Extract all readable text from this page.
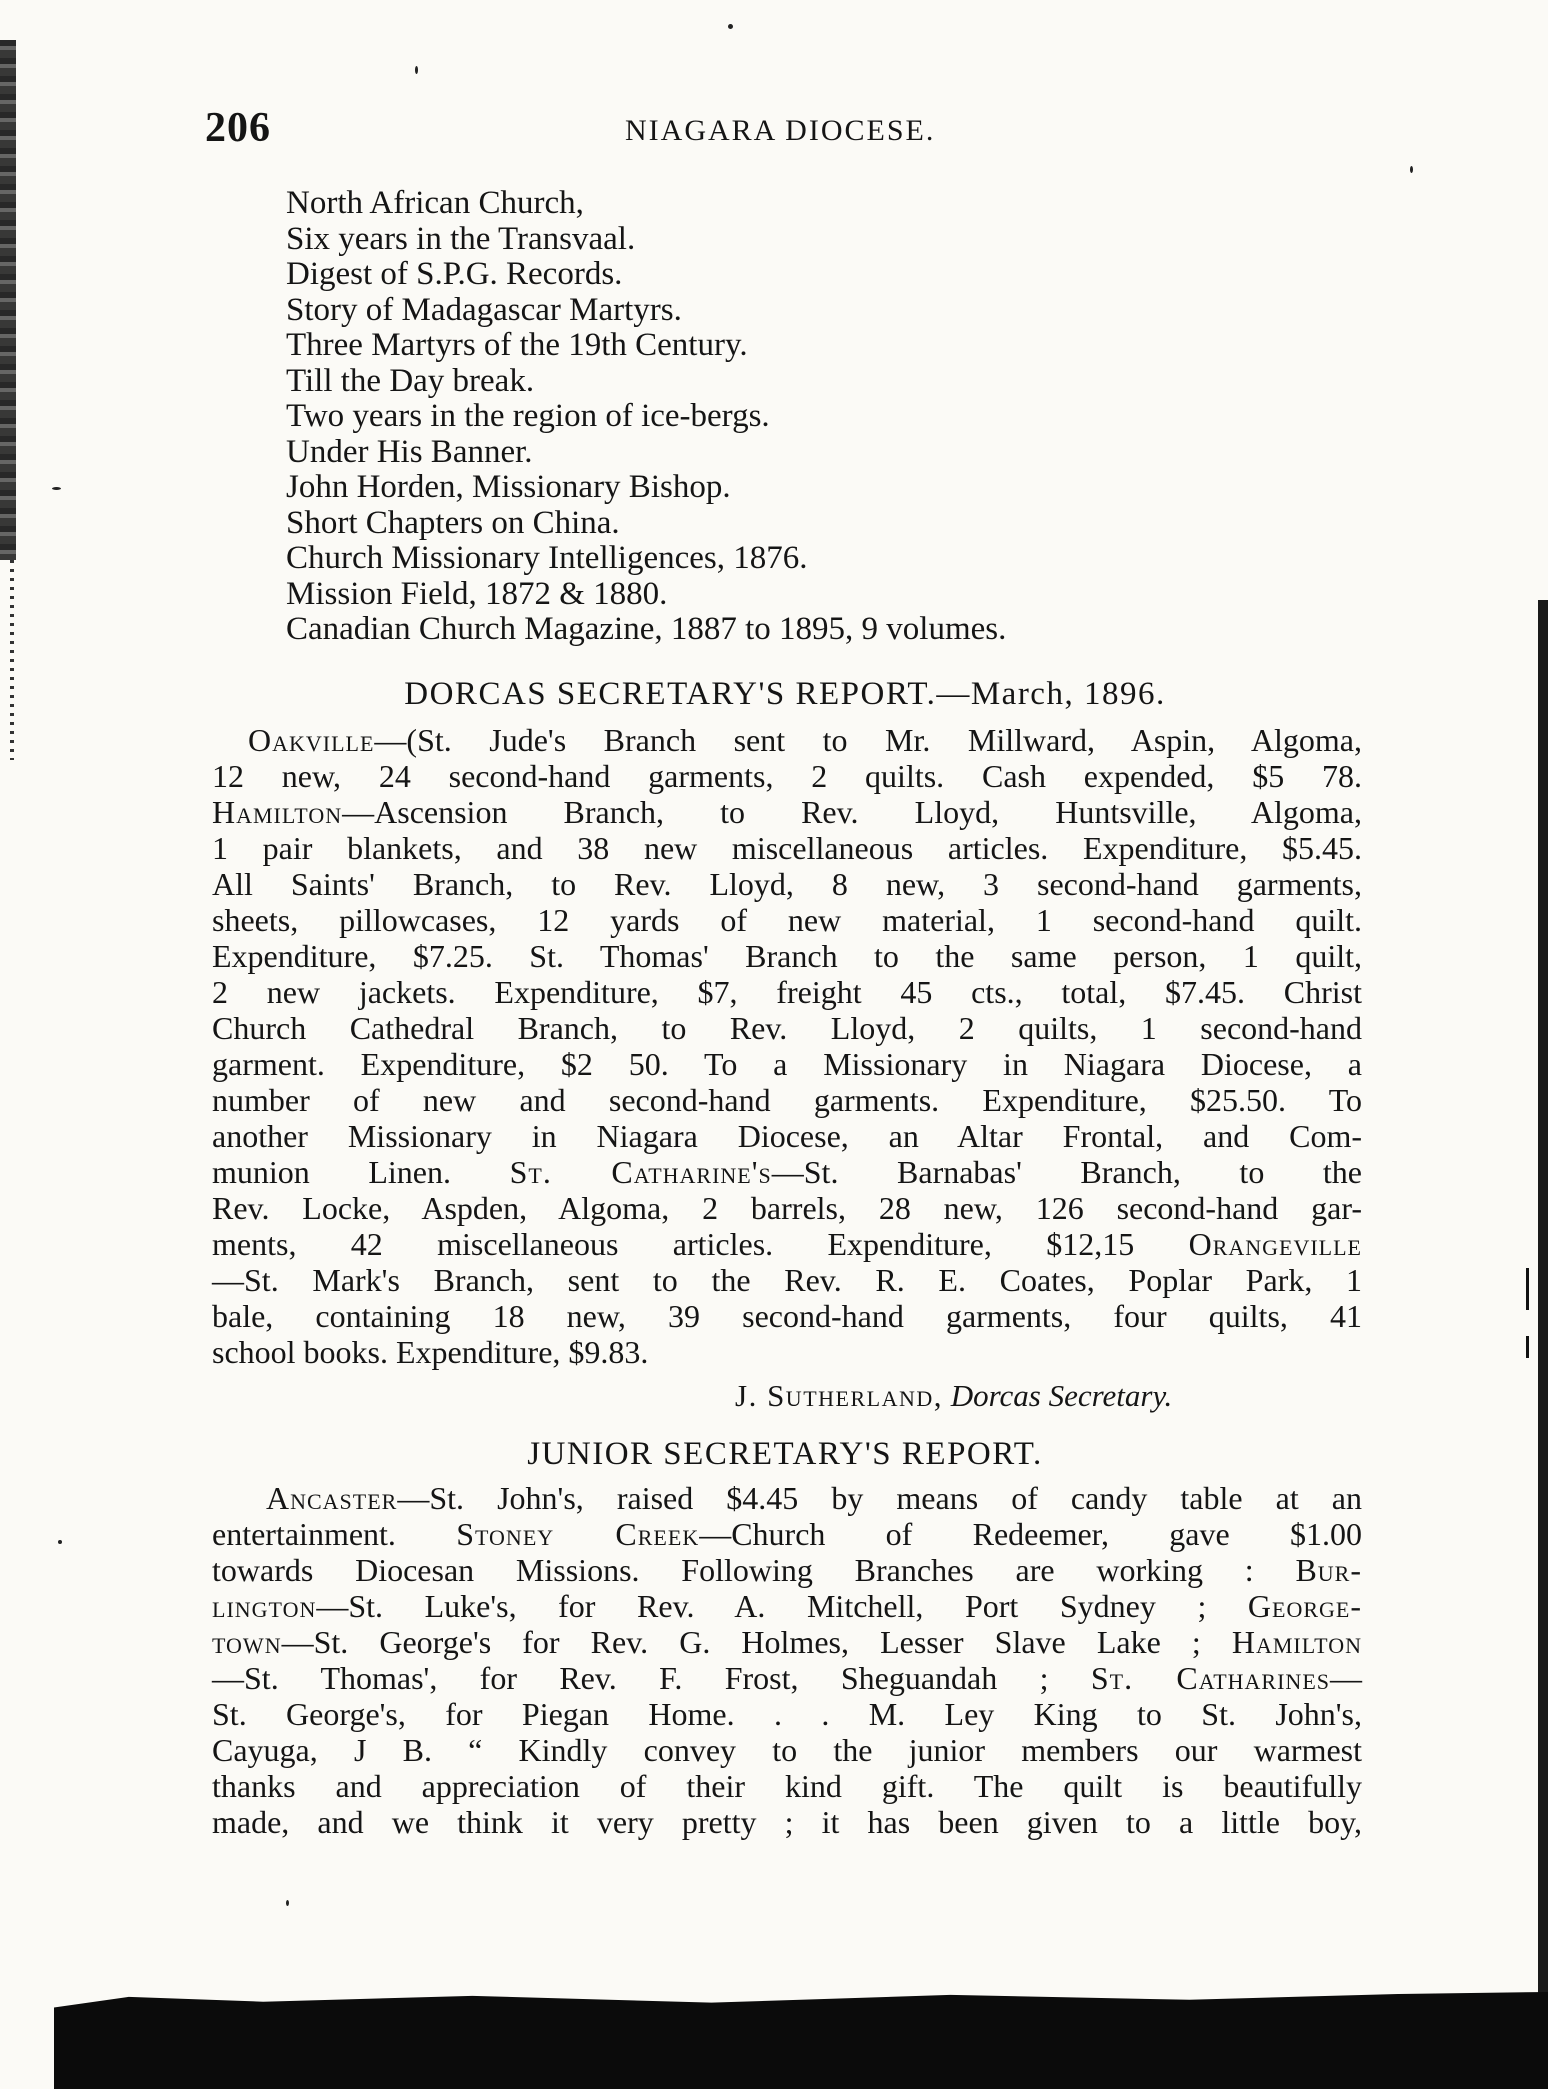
206	NIAGARA DIOCESE.
North African Church,
Six years in the Transvaal.
Digest of S.P.G. Records.
Story of Madagascar Martyrs.
Three Martyrs of the 19th Century.
Till the Day break.
Two years in the region of ice-bergs.
Under His Banner.
John Horden, Missionary Bishop.
Short Chapters on China.
Church Missionary Intelligences, 1876.
Mission Field, 1872 & 1880.
Canadian Church Magazine, 1887 to 1895, 9 volumes.
DORCAS SECRETARY'S REPORT.—March, 1896.
Oakville—(St. Jude's Branch sent to Mr. Millward, Aspin, Algoma,
12 new, 24 second-hand garments, 2 quilts. Cash expended, $5 78.
Hamilton—Ascension Branch, to Rev. Lloyd, Huntsville, Algoma,
1 pair blankets, and 38 new miscellaneous articles. Expenditure, $5.45.
All Saints' Branch, to Rev. Lloyd, 8 new, 3 second-hand garments,
sheets, pillowcases, 12 yards of new material, 1 second-hand quilt.
Expenditure, $7.25. St. Thomas' Branch to the same person, 1 quilt,
2 new jackets. Expenditure, $7, freight 45 cts., total, $7.45. Christ
Church Cathedral Branch, to Rev. Lloyd, 2 quilts, 1 second-hand
garment. Expenditure, $2 50. To a Missionary in Niagara Diocese, a
number of new and second-hand garments. Expenditure, $25.50. To
another Missionary in Niagara Diocese, an Altar Frontal, and Com-
munion Linen. St. Catharine's—St. Barnabas' Branch, to the
Rev. Locke, Aspden, Algoma, 2 barrels, 28 new, 126 second-hand gar-
ments, 42 miscellaneous articles. Expenditure, $12,15 Orangeville
—St. Mark's Branch, sent to the Rev. R. E. Coates, Poplar Park, 1
bale, containing 18 new, 39 second-hand garments, four quilts, 41
school books. Expenditure, $9.83.
J. Sutherland, Dorcas Secretary.
JUNIOR SECRETARY'S REPORT.
Ancaster—St. John's, raised $4.45 by means of candy table at an
entertainment. Stoney Creek—Church of Redeemer, gave $1.00
towards Diocesan Missions. Following Branches are working : Bur-
lington—St. Luke's, for Rev. A. Mitchell, Port Sydney ; George-
town—St. George's for Rev. G. Holmes, Lesser Slave Lake ; Hamilton
—St. Thomas', for Rev. F. Frost, Sheguandah ; St. Catharines—
St. George's, for Piegan Home. . . M. Ley King to St. John's,
Cayuga, J B. “ Kindly convey to the junior members our warmest
thanks and appreciation of their kind gift. The quilt is beautifully
made, and we think it very pretty ; it has been given to a little boy,
